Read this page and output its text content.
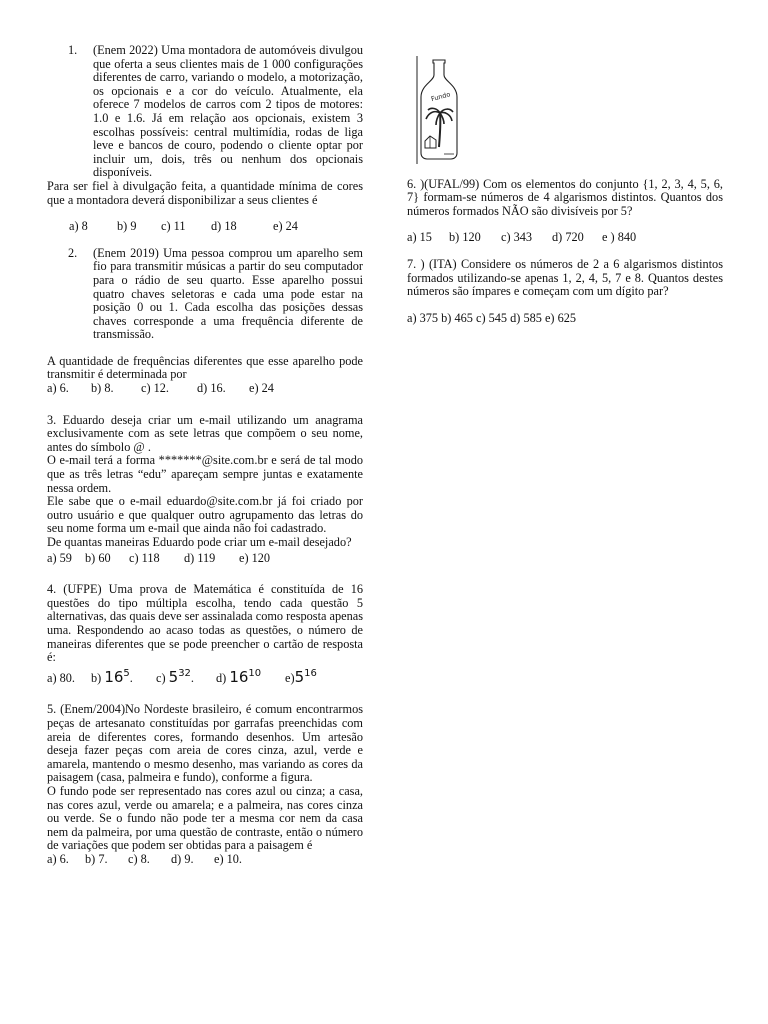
1. (Enem 2022) Uma montadora de automóveis divulgou que oferta a seus clientes mais de 1 000 configurações diferentes de carro, variando o modelo, a motorização, os opcionais e a cor do veículo. Atualmente, ela oferece 7 modelos de carros com 2 tipos de motores: 1.0 e 1.6. Já em relação aos opcionais, existem 3 escolhas possíveis: central multimídia, rodas de liga leve e bancos de couro, podendo o cliente optar por incluir um, dois, três ou nenhum dos opcionais disponíveis.

Para ser fiel à divulgação feita, a quantidade mínima de cores que a montadora deverá disponibilizar a seus clientes é

a) 8 b) 9 c) 11 d) 18	e) 24

2. (Enem 2019) Uma pessoa comprou um aparelho sem fio para transmitir músicas a partir do seu computador para o rádio de seu quarto. Esse aparelho possui quatro chaves seletoras e cada uma pode estar na posição 0 ou 1. Cada escolha das posições dessas chaves corresponde a uma frequência diferente de transmissão.

A quantidade de frequências diferentes que esse aparelho pode transmitir é determinada por

a) 6. b) 8. c) 12. d) 16. e) 24

3. Eduardo deseja criar um e-mail utilizando um anagrama exclusivamente com as sete letras que compõem o seu nome, antes do símbolo @ .

O e-mail terá a forma *******@site.com.br e será de tal modo que as três letras “edu” apareçam sempre juntas e exatamente nessa ordem.

Ele sabe que o e-mail eduardo@site.com.br já foi criado por outro usuário e que qualquer outro agrupamento das letras do seu nome forma um e-mail que ainda não foi cadastrado.

De quantas maneiras Eduardo pode criar um e-mail desejado?

a) 59 b) 60 c) 118 d) 119 e) 120

4. (UFPE) Uma prova de Matemática é constituída de 16 questões do tipo múltipla escolha, tendo cada questão 5 alternativas, das quais deve ser assinalada como resposta apenas uma. Respondendo ao acaso todas as questões, o número de maneiras diferentes que se pode preencher o cartão de resposta é:

a) 80. b) $16^5$. c) $5^{32}$. d) $16^{10}$ $e)5^{16}$

5. (Enem/2004)No Nordeste brasileiro, é comum encontrarmos peças de artesanato constituídas por garrafas preenchidas com areia de diferentes cores, formando desenhos. Um artesão deseja fazer peças com areia de cores cinza, azul, verde e amarela, mantendo o mesmo desenho, mas variando as cores da paisagem (casa, palmeira e fundo), conforme a figura.

O fundo pode ser representado nas cores azul ou cinza; a casa, nas cores azul, verde ou amarela; e a palmeira, nas cores cinza ou verde. Se o fundo não pode ter a mesma cor nem da casa nem da palmeira, por uma questão de contraste, então o número de variações que podem ser obtidas para a paisagem é

a) 6. b) 7. c) 8. d) 9. e) 10.

Fundo

6. )(UFAL/99) Com os elementos do conjunto {1, 2, 3, 4, 5, 6, 7} formam-se números de 4 algarismos distintos. Quantos dos números formados NÃO são divisíveis por 5?

a) 15 b) 120 c) 343 d) 720 e ) 840

7. ) (ITA) Considere os números de 2 a 6 algarismos distintos formados utilizando-se apenas 1, 2, 4, 5, 7 e 8. Quantos destes números são ímpares e começam com um dígito par?

a) 375 b) 465 c) 545 d) 585 e) 625
